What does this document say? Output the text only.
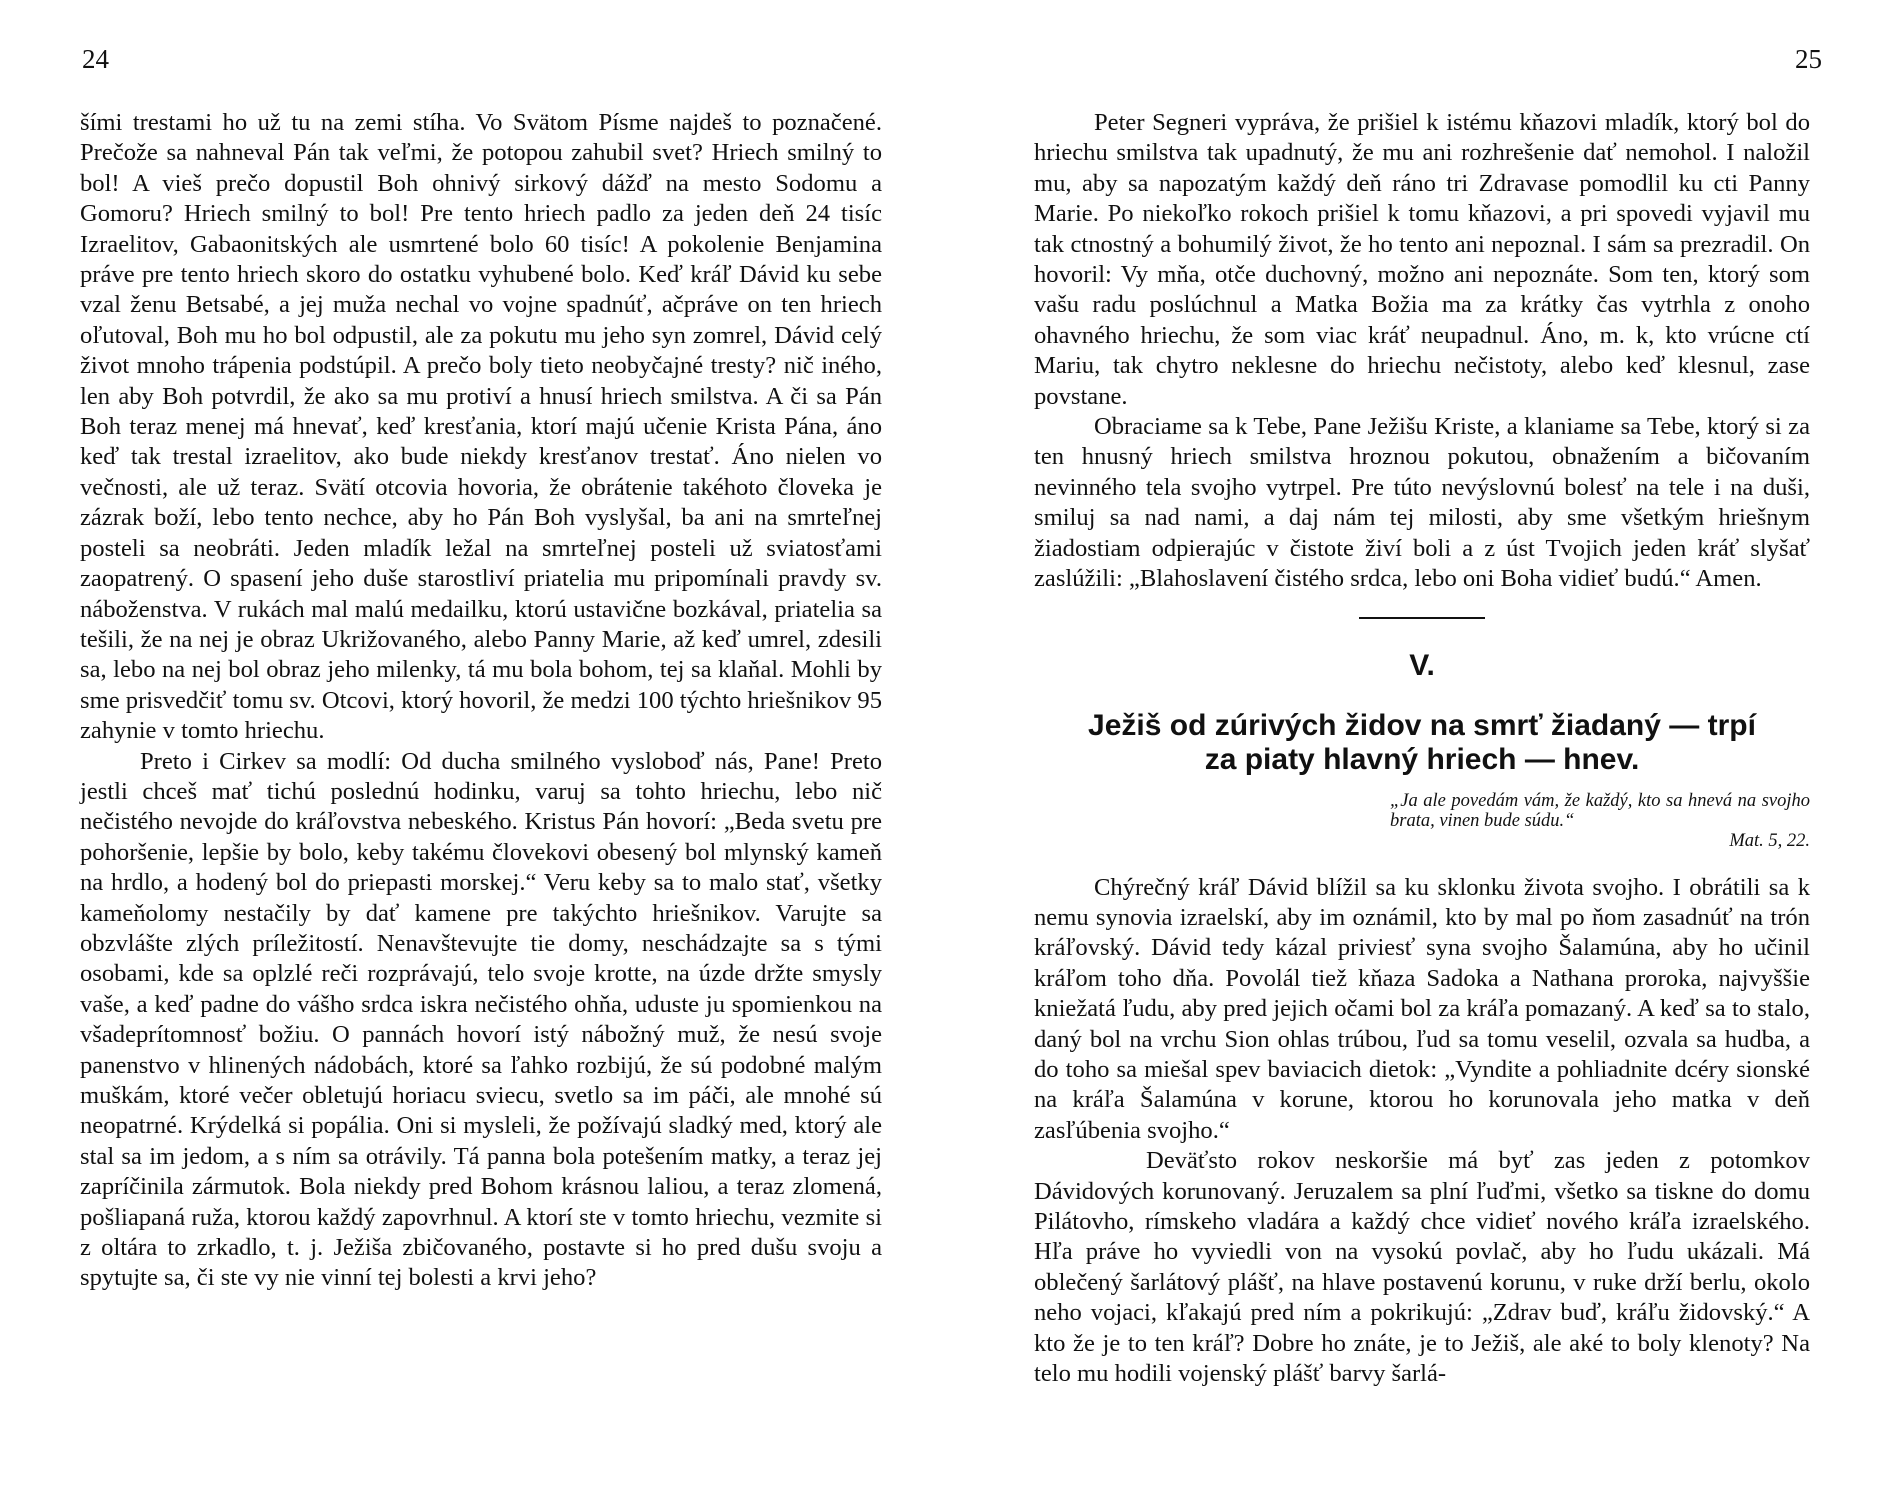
24

šími trestami ho už tu na zemi stíha. Vo Svätom Písme najdeš to poznačené. Prečože sa nahneval Pán tak veľmi, že potopou zahubil svet? Hriech smilný to bol! A vieš prečo dopustil Boh ohnivý sirkový dážď na mesto Sodomu a Gomoru? Hriech smilný to bol! Pre tento hriech padlo za jeden deň 24 tisíc Izraelitov, Gabaonitských ale usmrtené bolo 60 tisíc! A pokolenie Benjamina práve pre tento hriech skoro do ostatku vyhubené bolo. Keď kráľ Dávid ku sebe vzal ženu Betsabé, a jej muža nechal vo vojne spadnúť, ačpráve on ten hriech oľutoval, Boh mu ho bol odpustil, ale za pokutu mu jeho syn zomrel, Dávid celý život mnoho trápenia podstúpil. A prečo boly tieto neobyčajné tresty? nič iného, len aby Boh potvrdil, že ako sa mu protiví a hnusí hriech smilstva. A či sa Pán Boh teraz menej má hnevať, keď kresťania, ktorí majú učenie Krista Pána, áno keď tak trestal izraelitov, ako bude niekdy kresťanov trestať. Áno nielen vo večnosti, ale už teraz. Svätí otcovia hovoria, že obrátenie takéhoto človeka je zázrak boží, lebo tento nechce, aby ho Pán Boh vyslyšal, ba ani na smrteľnej posteli sa neobráti. Jeden mladík ležal na smrteľnej posteli už sviatosťami zaopatrený. O spasení jeho duše starostliví priatelia mu pripomínali pravdy sv. náboženstva. V rukách mal malú medailku, ktorú ustavične bozkával, priatelia sa tešili, že na nej je obraz Ukrižovaného, alebo Panny Marie, až keď umrel, zdesili sa, lebo na nej bol obraz jeho milenky, tá mu bola bohom, tej sa klaňal. Mohli by sme prisvedčiť tomu sv. Otcovi, ktorý hovoril, že medzi 100 týchto hriešnikov 95 zahynie v tomto hriechu.

Preto i Cirkev sa modlí: Od ducha smilného vysloboď nás, Pane! Preto jestli chceš mať tichú poslednú hodinku, varuj sa tohto hriechu, lebo nič nečistého nevojde do kráľovstva nebeského. Kristus Pán hovorí: „Beda svetu pre pohoršenie, lepšie by bolo, keby takému človekovi obesený bol mlynský kameň na hrdlo, a hodený bol do priepasti morskej.“ Veru keby sa to malo stať, všetky kameňolomy nestačily by dať kamene pre takýchto hriešnikov. Varujte sa obzvlášte zlých príležitostí. Nenavštevujte tie domy, neschádzajte sa s tými osobami, kde sa oplzlé reči rozprávajú, telo svoje krotte, na úzde držte smysly vaše, a keď padne do vášho srdca iskra nečistého ohňa, uduste ju spomienkou na všadeprítomnosť božiu. O pannách hovorí istý nábožný muž, že nesú svoje panenstvo v hlinených nádobách, ktoré sa ľahko rozbijú, že sú podobné malým muškám, ktoré večer obletujú horiacu sviecu, svetlo sa im páči, ale mnohé sú neopatrné. Krýdelká si popália. Oni si mysleli, že požívajú sladký med, ktorý ale stal sa im jedom, a s ním sa otrávily. Tá panna bola potešením matky, a teraz jej zapríčinila zármutok. Bola niekdy pred Bohom krásnou laliou, a teraz zlomená, pošliapaná ruža, ktorou každý zapovrhnul. A ktorí ste v tomto hriechu, vezmite si z oltára to zrkadlo, t. j. Ježiša zbičovaného, postavte si ho pred dušu svoju a spytujte sa, či ste vy nie vinní tej bolesti a krvi jeho?

25

Peter Segneri vypráva, že prišiel k istému kňazovi mladík, ktorý bol do hriechu smilstva tak upadnutý, že mu ani rozhrešenie dať nemohol. I naložil mu, aby sa napozatým každý deň ráno tri Zdravase pomodlil ku cti Panny Marie. Po niekoľko rokoch prišiel k tomu kňazovi, a pri spovedi vyjavil mu tak ctnostný a bohumilý život, že ho tento ani nepoznal. I sám sa prezradil. On hovoril: Vy mňa, otče duchovný, možno ani nepoznáte. Som ten, ktorý som vašu radu poslúchnul a Matka Božia ma za krátky čas vytrhla z onoho ohavného hriechu, že som viac kráť neupadnul. Áno, m. k, kto vrúcne ctí Mariu, tak chytro neklesne do hriechu nečistoty, alebo keď klesnul, zase povstane.

Obraciame sa k Tebe, Pane Ježišu Kriste, a klaniame sa Tebe, ktorý si za ten hnusný hriech smilstva hroznou pokutou, obnažením a bičovaním nevinného tela svojho vytrpel. Pre túto nevýslovnú bolesť na tele i na duši, smiluj sa nad nami, a daj nám tej milosti, aby sme všetkým hriešnym žiadostiam odpierajúc v čistote živí boli a z úst Tvojich jeden kráť slyšať zaslúžili: „Blahoslavení čistého srdca, lebo oni Boha vidieť budú.“ Amen.

V.
Ježiš od zúrivých židov na smrť žiadaný — trpí
za piaty hlavný hriech — hnev.
„Ja ale povedám vám, že každý, kto sa hnevá na svojho brata, vinen bude súdu.“
Mat. 5, 22.

Chýrečný kráľ Dávid blížil sa ku sklonku života svojho. I obrátili sa k nemu synovia izraelskí, aby im oznámil, kto by mal po ňom zasadnúť na trón kráľovský. Dávid tedy kázal priviesť syna svojho Šalamúna, aby ho učinil kráľom toho dňa. Povolál tiež kňaza Sadoka a Nathana proroka, najvyššie kniežatá ľudu, aby pred jejich očami bol za kráľa pomazaný. A keď sa to stalo, daný bol na vrchu Sion ohlas trúbou, ľud sa tomu veselil, ozvala sa hudba, a do toho sa miešal spev baviacich dietok: „Vyndite a pohliadnite dcéry sionské na kráľa Šalamúna v korune, ktorou ho korunovala jeho matka v deň zasľúbenia svojho.“

Deväťsto rokov neskoršie má byť zas jeden z potomkov Dávidových korunovaný. Jeruzalem sa plní ľuďmi, všetko sa tiskne do domu Pilátovho, rímskeho vladára a každý chce vidieť nového kráľa izraelského. Hľa práve ho vyviedli von na vysokú povlač, aby ho ľudu ukázali. Má oblečený šarlátový plášť, na hlave postavenú korunu, v ruke drží berlu, okolo neho vojaci, kľakajú pred ním a pokrikujú: „Zdrav buď, kráľu židovský.“ A kto že je to ten kráľ? Dobre ho znáte, je to Ježiš, ale aké to boly klenoty? Na telo mu hodili vojenský plášť barvy šarlá-
